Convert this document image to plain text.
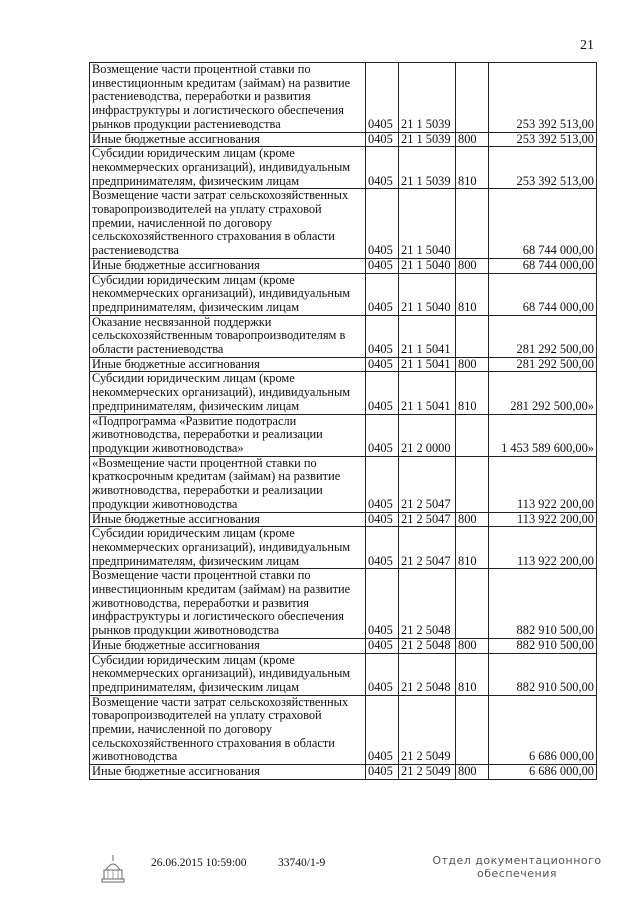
21
Возмещение части процентной ставки по инвестиционным кредитам (займам) на развитие растениеводства, переработки и развития инфраструктуры и логистического обеспечения рынков продукции растениеводства	0405	21 1 5039		253 392 513,00
Иные бюджетные ассигнования	0405	21 1 5039	800	253 392 513,00
Субсидии юридическим лицам (кроме некоммерческих организаций), индивидуальным предпринимателям, физическим лицам	0405	21 1 5039	810	253 392 513,00
Возмещение части затрат сельскохозяйственных товаропроизводителей на уплату страховой премии, начисленной по договору сельскохозяйственного страхования в области растениеводства	0405	21 1 5040		68 744 000,00
Иные бюджетные ассигнования	0405	21 1 5040	800	68 744 000,00
Субсидии юридическим лицам (кроме некоммерческих организаций), индивидуальным предпринимателям, физическим лицам	0405	21 1 5040	810	68 744 000,00
Оказание несвязанной поддержки сельскохозяйственным товаропроизводителям в области растениеводства	0405	21 1 5041		281 292 500,00
Иные бюджетные ассигнования	0405	21 1 5041	800	281 292 500,00
Субсидии юридическим лицам (кроме некоммерческих организаций), индивидуальным предпринимателям, физическим лицам	0405	21 1 5041	810	281 292 500,00»
«Подпрограмма «Развитие подотрасли животноводства, переработки и реализации продукции животноводства»	0405	21 2 0000		1 453 589 600,00»
«Возмещение части процентной ставки по краткосрочным кредитам (займам) на развитие животноводства, переработки и реализации продукции животноводства	0405	21 2 5047		113 922 200,00
Иные бюджетные ассигнования	0405	21 2 5047	800	113 922 200,00
Субсидии юридическим лицам (кроме некоммерческих организаций), индивидуальным предпринимателям, физическим лицам	0405	21 2 5047	810	113 922 200,00
Возмещение части процентной ставки по инвестиционным кредитам (займам) на развитие животноводства, переработки и развития инфраструктуры и логистического обеспечения рынков продукции животноводства	0405	21 2 5048		882 910 500,00
Иные бюджетные ассигнования	0405	21 2 5048	800	882 910 500,00
Субсидии юридическим лицам (кроме некоммерческих организаций), индивидуальным предпринимателям, физическим лицам	0405	21 2 5048	810	882 910 500,00
Возмещение части затрат сельскохозяйственных товаропроизводителей на уплату страховой премии, начисленной по договору сельскохозяйственного страхования в области животноводства	0405	21 2 5049		6 686 000,00
Иные бюджетные ассигнования	0405	21 2 5049	800	6 686 000,00
26.06.2015 10:59:00	33740/1-9	Отдел документационного
обеспечения
